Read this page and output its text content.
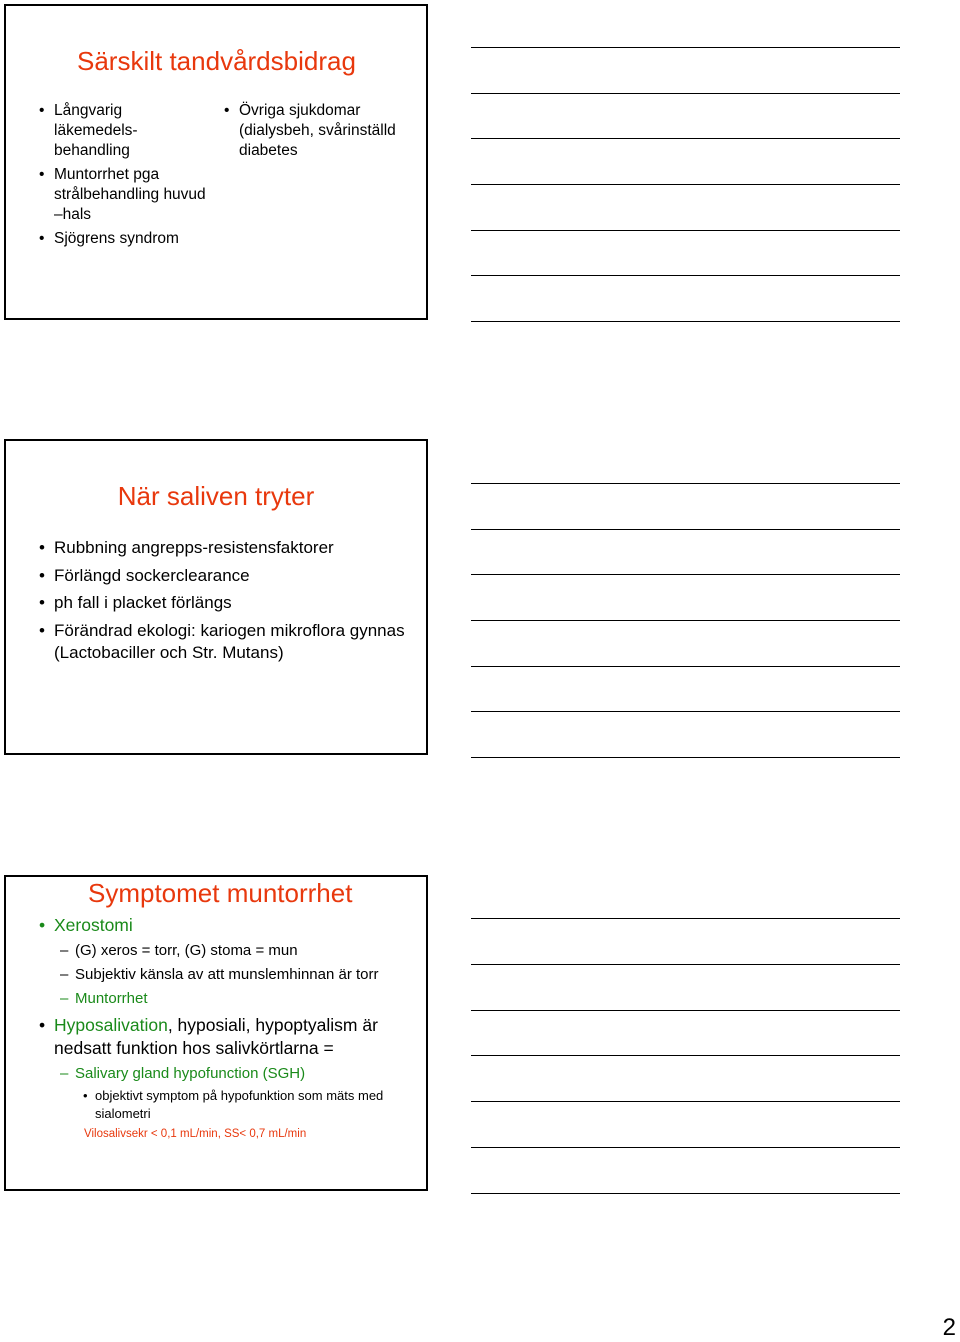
Särskilt tandvårdsbidrag
• Långvarig läkemedels-behandling
• Muntorrhet pga strålbehandling huvud –hals
• Sjögrens syndrom
• Övriga sjukdomar (dialysbeh, svårinställd diabetes
När saliven tryter
• Rubbning angrepps-resistensfaktorer
• Förlängd sockerclearance
• ph fall i placket förlängs
• Förändrad ekologi: kariogen mikroflora gynnas (Lactobaciller och Str. Mutans)
Symptomet muntorrhet
• Xerostomi
– (G) xeros = torr, (G) stoma = mun
– Subjektiv känsla av att munslemhinnan är torr
– Muntorrhet
• Hyposalivation, hyposiali, hypoptyalism är nedsatt funktion hos salivkörtlarna =
– Salivary gland hypofunction (SGH)
• objektivt symptom på hypofunktion som mäts med sialometri
Vilosalivsekr < 0,1 mL/min, SS< 0,7 mL/min
2
